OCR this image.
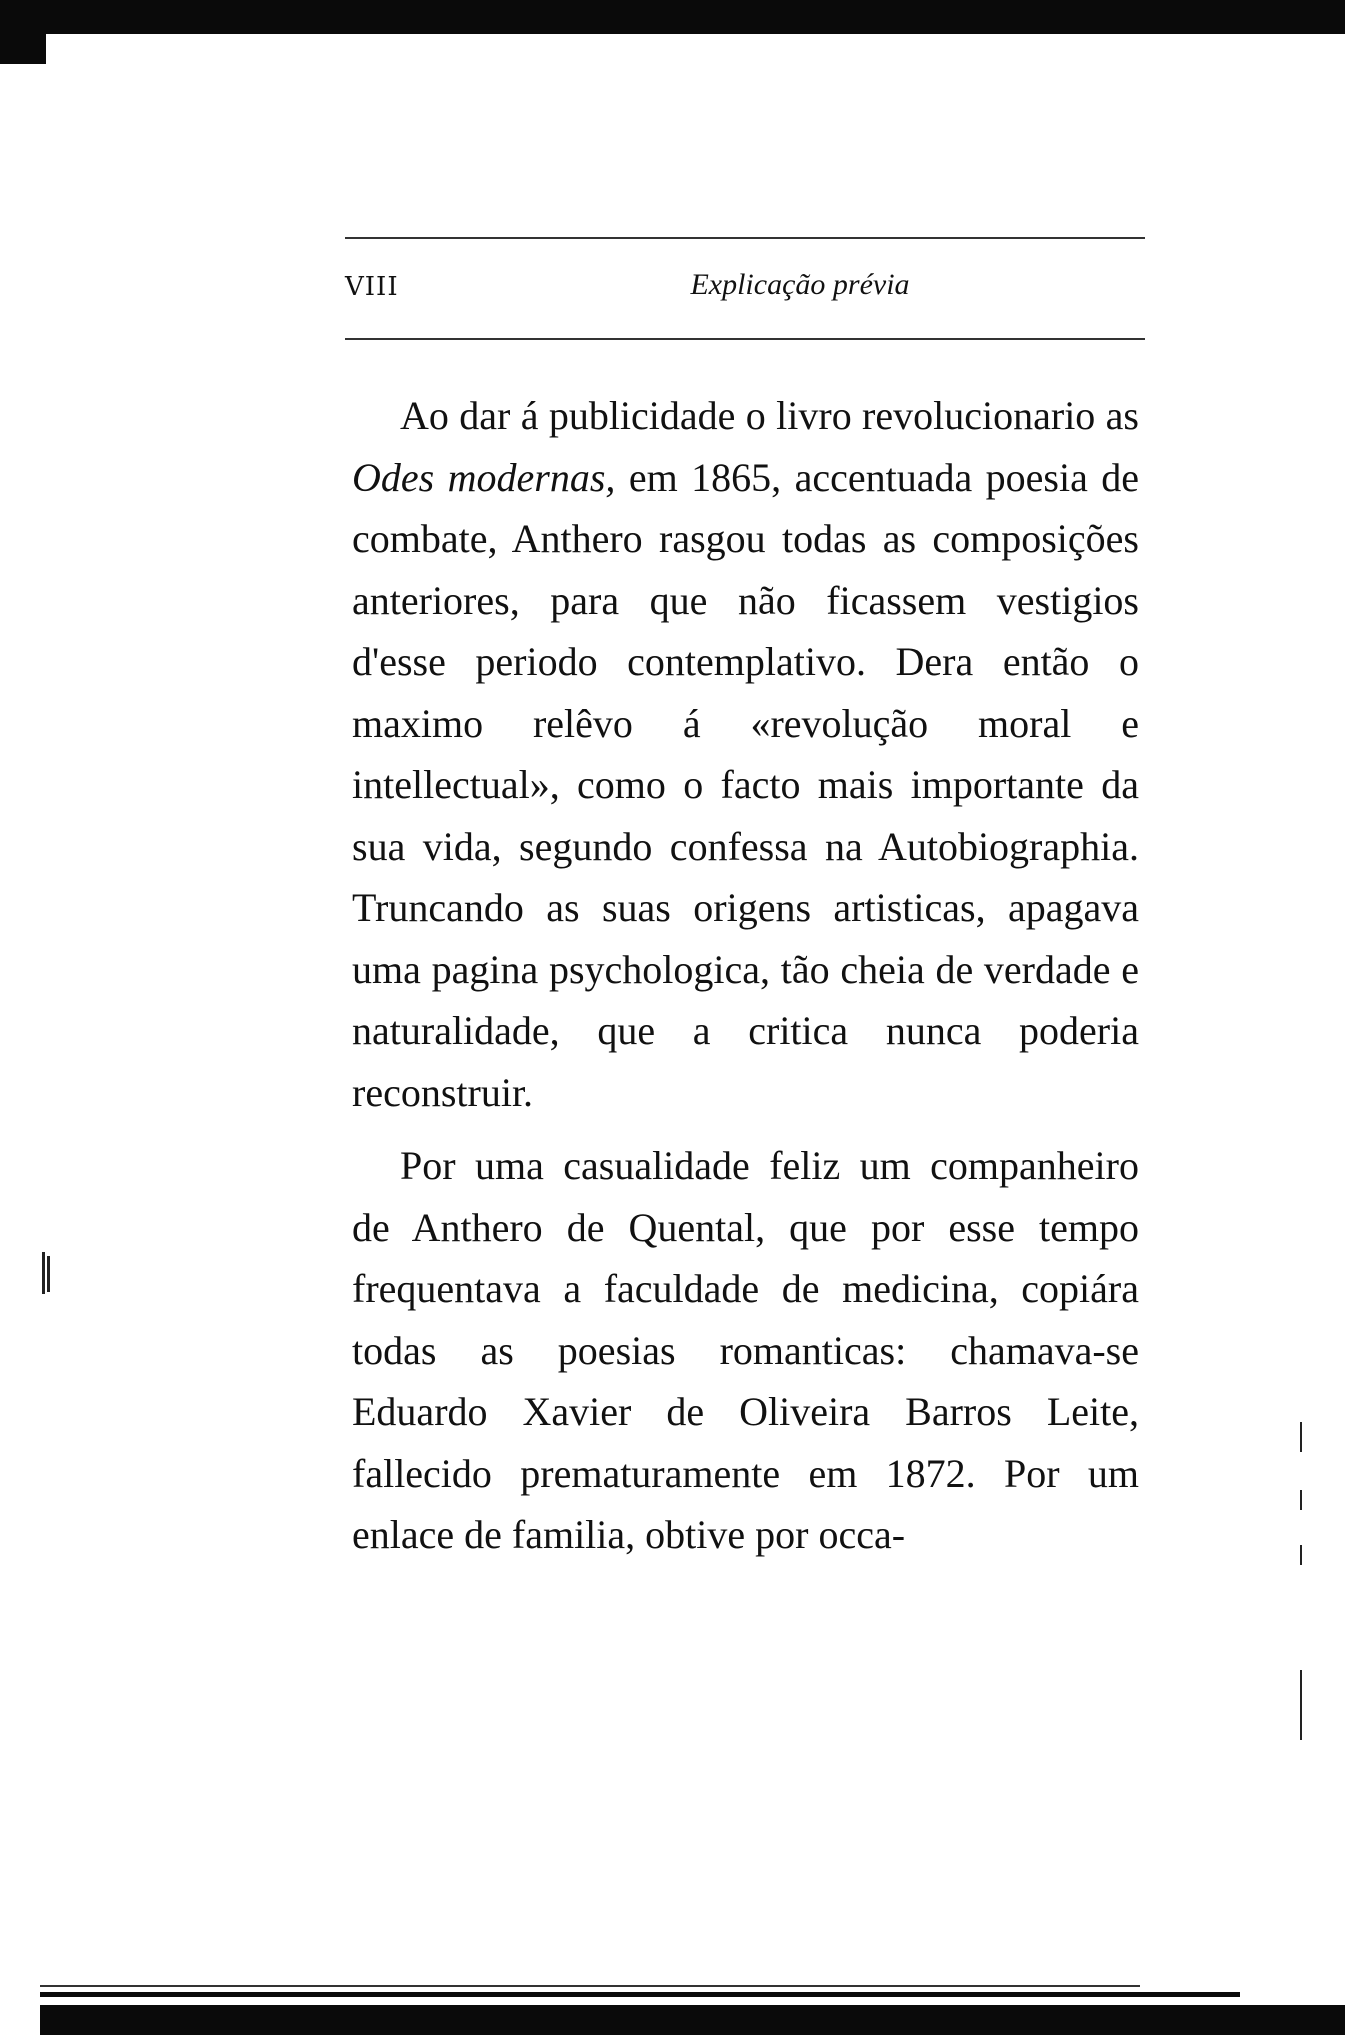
VIII	Explicação prévia

Ao dar á publicidade o livro revolucionario as Odes modernas, em 1865, accentuada poesia de combate, Anthero rasgou todas as composições anteriores, para que não ficassem vestigios d'esse periodo contemplativo. Dera então o maximo relêvo á «revolução moral e intellectual», como o facto mais importante da sua vida, segundo confessa na Autobiographia. Truncando as suas origens artisticas, apagava uma pagina psychologica, tão cheia de verdade e naturalidade, que a critica nunca poderia reconstruir.

Por uma casualidade feliz um companheiro de Anthero de Quental, que por esse tempo frequentava a faculdade de medicina, copiára todas as poesias romanticas: chamava-se Eduardo Xavier de Oliveira Barros Leite, fallecido prematuramente em 1872. Por um enlace de familia, obtive por occa-
